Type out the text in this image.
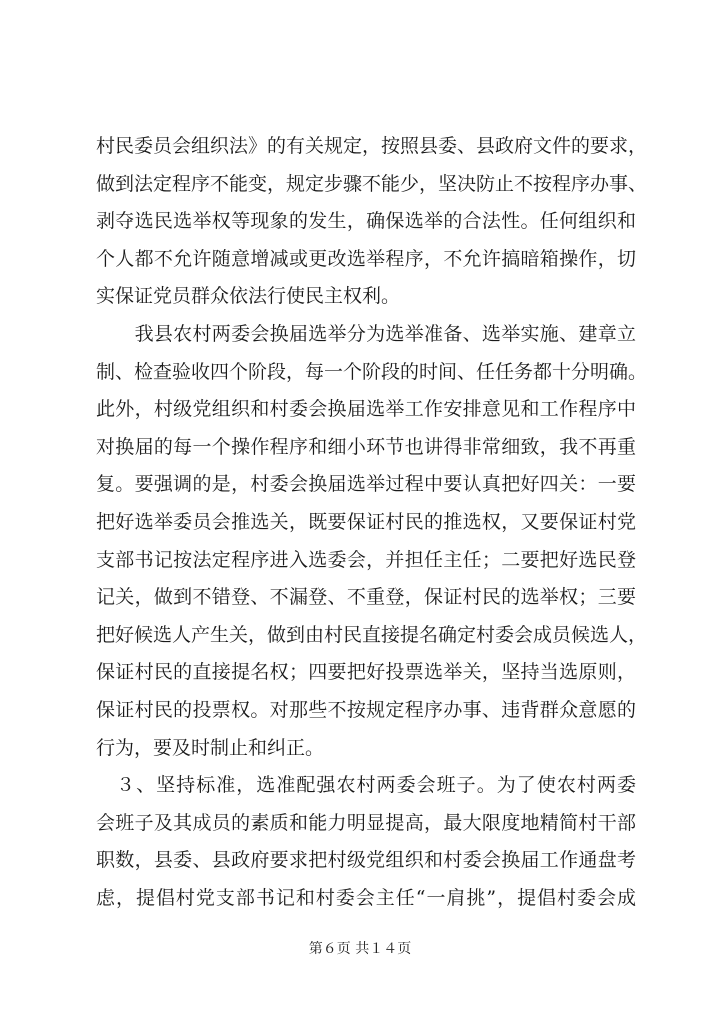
村民委员会组织法》的有关规定，按照县委、县政府文件的要求，
做到法定程序不能变，规定步骤不能少，坚决防止不按程序办事、
剥夺选民选举权等现象的发生，确保选举的合法性。任何组织和
个人都不允许随意增减或更改选举程序，不允许搞暗箱操作，切
实保证党员群众依法行使民主权利。
　　我县农村两委会换届选举分为选举准备、选举实施、建章立
制、检查验收四个阶段，每一个阶段的时间、任任务都十分明确。
此外，村级党组织和村委会换届选举工作安排意见和工作程序中
对换届的每一个操作程序和细小环节也讲得非常细致，我不再重
复。要强调的是，村委会换届选举过程中要认真把好四关：一要
把好选举委员会推选关，既要保证村民的推选权，又要保证村党
支部书记按法定程序进入选委会，并担任主任；二要把好选民登
记关，做到不错登、不漏登、不重登，保证村民的选举权；三要
把好候选人产生关，做到由村民直接提名确定村委会成员候选人，
保证村民的直接提名权；四要把好投票选举关，坚持当选原则，
保证村民的投票权。对那些不按规定程序办事、违背群众意愿的
行为，要及时制止和纠正。
　３、坚持标准，选准配强农村两委会班子。为了使农村两委
会班子及其成员的素质和能力明显提高，最大限度地精简村干部
职数，县委、县政府要求把村级党组织和村委会换届工作通盘考
虑，提倡村党支部书记和村委会主任“一肩挑”，提倡村委会成
第６页 共１４页
